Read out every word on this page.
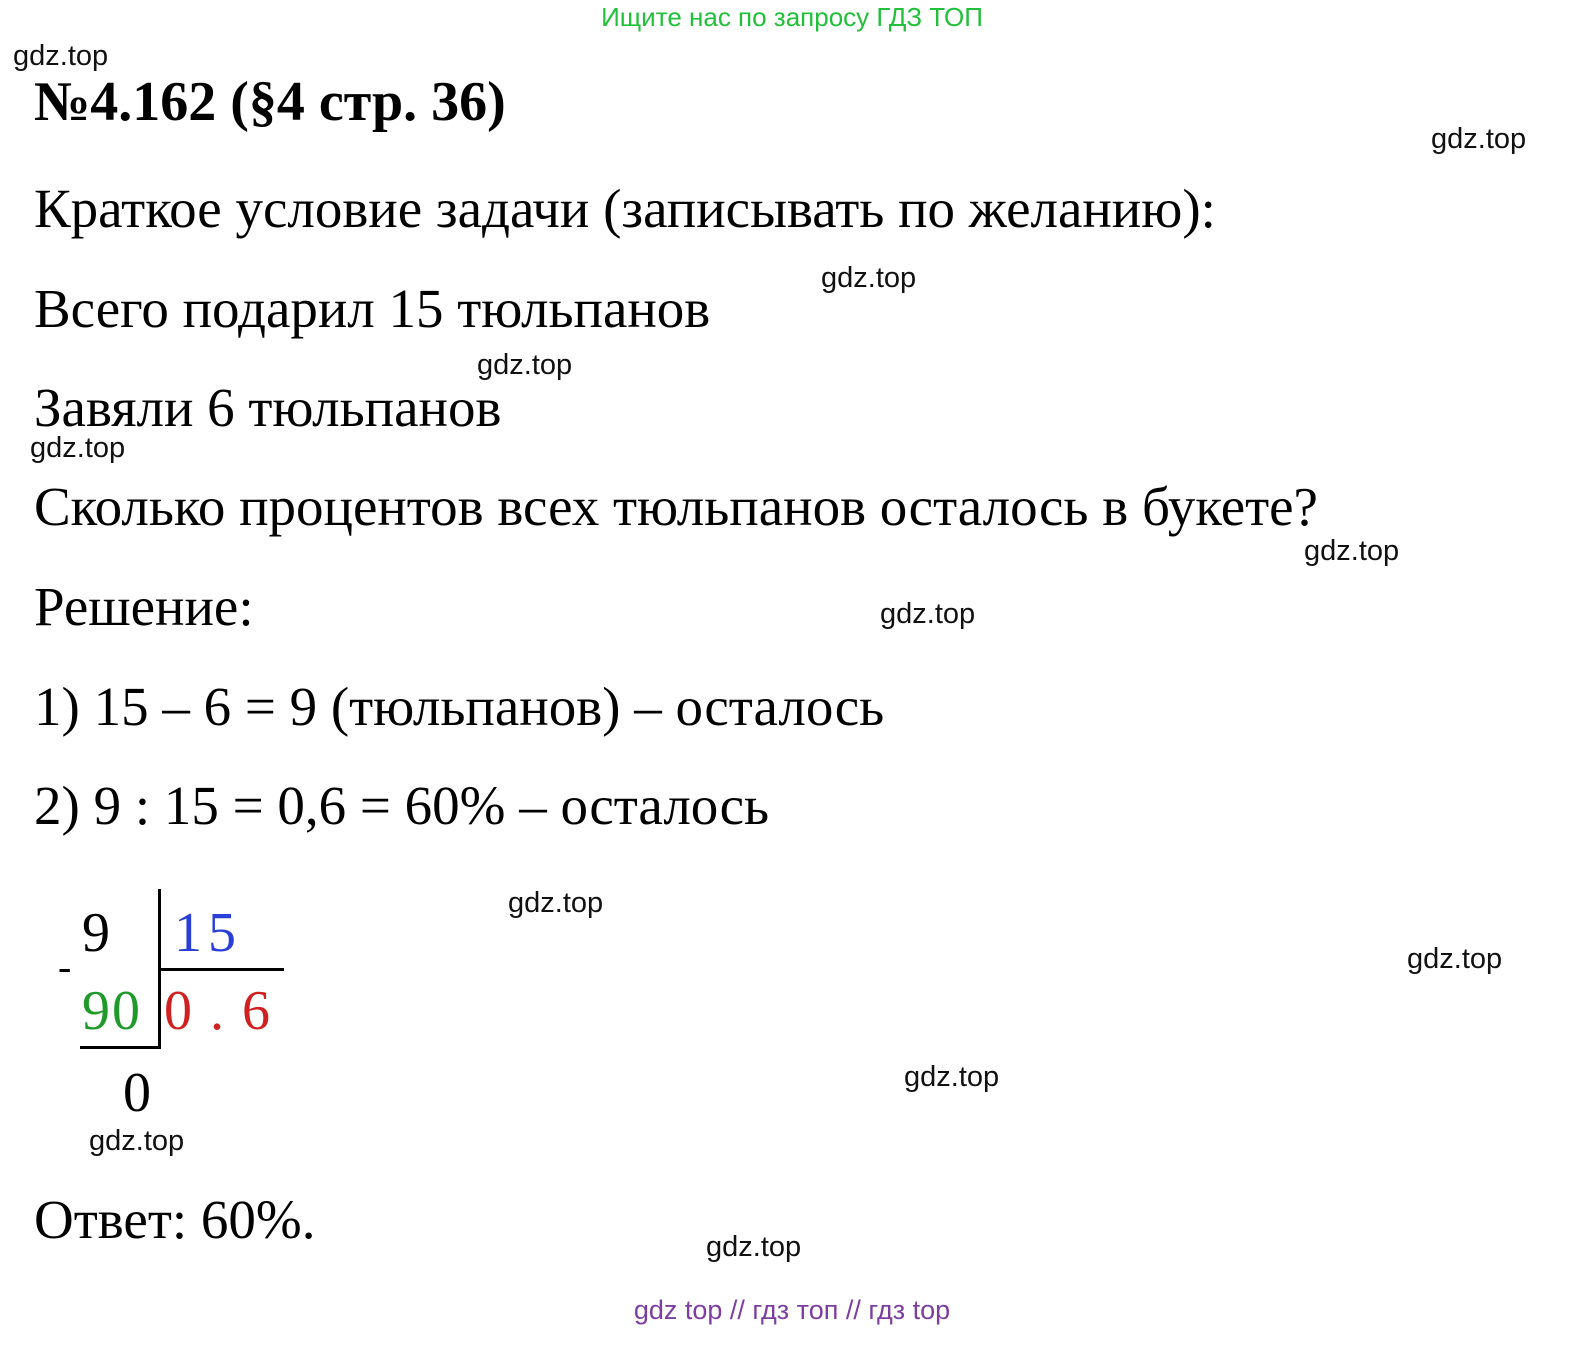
Ищите нас по запросу ГДЗ ТОП
gdz.top
gdz.top
gdz.top
gdz.top
gdz.top
gdz.top
gdz.top
gdz.top
gdz.top
gdz.top
gdz.top
gdz.top
№4.162 (§4 стр. 36)
Краткое условие задачи (записывать по желанию):
Всего подарил 15 тюльпанов
Завяли 6 тюльпанов
Сколько процентов всех тюльпанов осталось в букете?
Решение:
1) 15 – 6 = 9 (тюльпанов) – осталось
2) 9 : 15 = 0,6 = 60% – осталось
9 15
-
90 0 . 6
0
Ответ: 60%.
gdz top // гдз топ // гдз top
